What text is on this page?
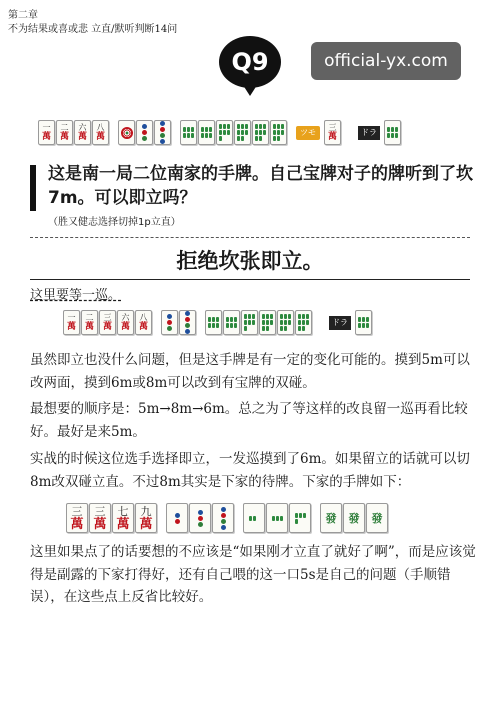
第二章
不为结果或喜或悲 立直/默听判断14问
Q9	official-yx.com
一
萬
二
萬
六
萬
八
萬	ツモ	三
萬	ドラ
这是南一局二位南家的手牌。自己宝牌对子的牌听到了坎7m。可以即立吗？
（胜又健志选择切掉1p立直）
拒绝坎张即立。
这里要等一巡。
一
萬
二
萬
三
萬
六
萬
八
萬	ドラ
虽然即立也没什么问题，但是这手牌是有一定的变化可能的。摸到5m可以改两面，摸到6m或8m可以改到有宝牌的双碰。
最想要的顺序是：5m→8m→6m。总之为了等这样的改良留一巡再看比较好。最好是来5m。
实战的时候这位选手选择即立，一发巡摸到了6m。如果留立的话就可以切8m改双碰立直。不过8m其实是下家的待牌。下家的手牌如下：
三
萬
三
萬
七
萬
九
萬	發 發 發
这里如果点了的话要想的不应该是“如果刚才立直了就好了啊”，而是应该觉得是副露的下家打得好，还有自己喂的这一口5s是自己的问题（手顺错误），在这些点上反省比较好。
